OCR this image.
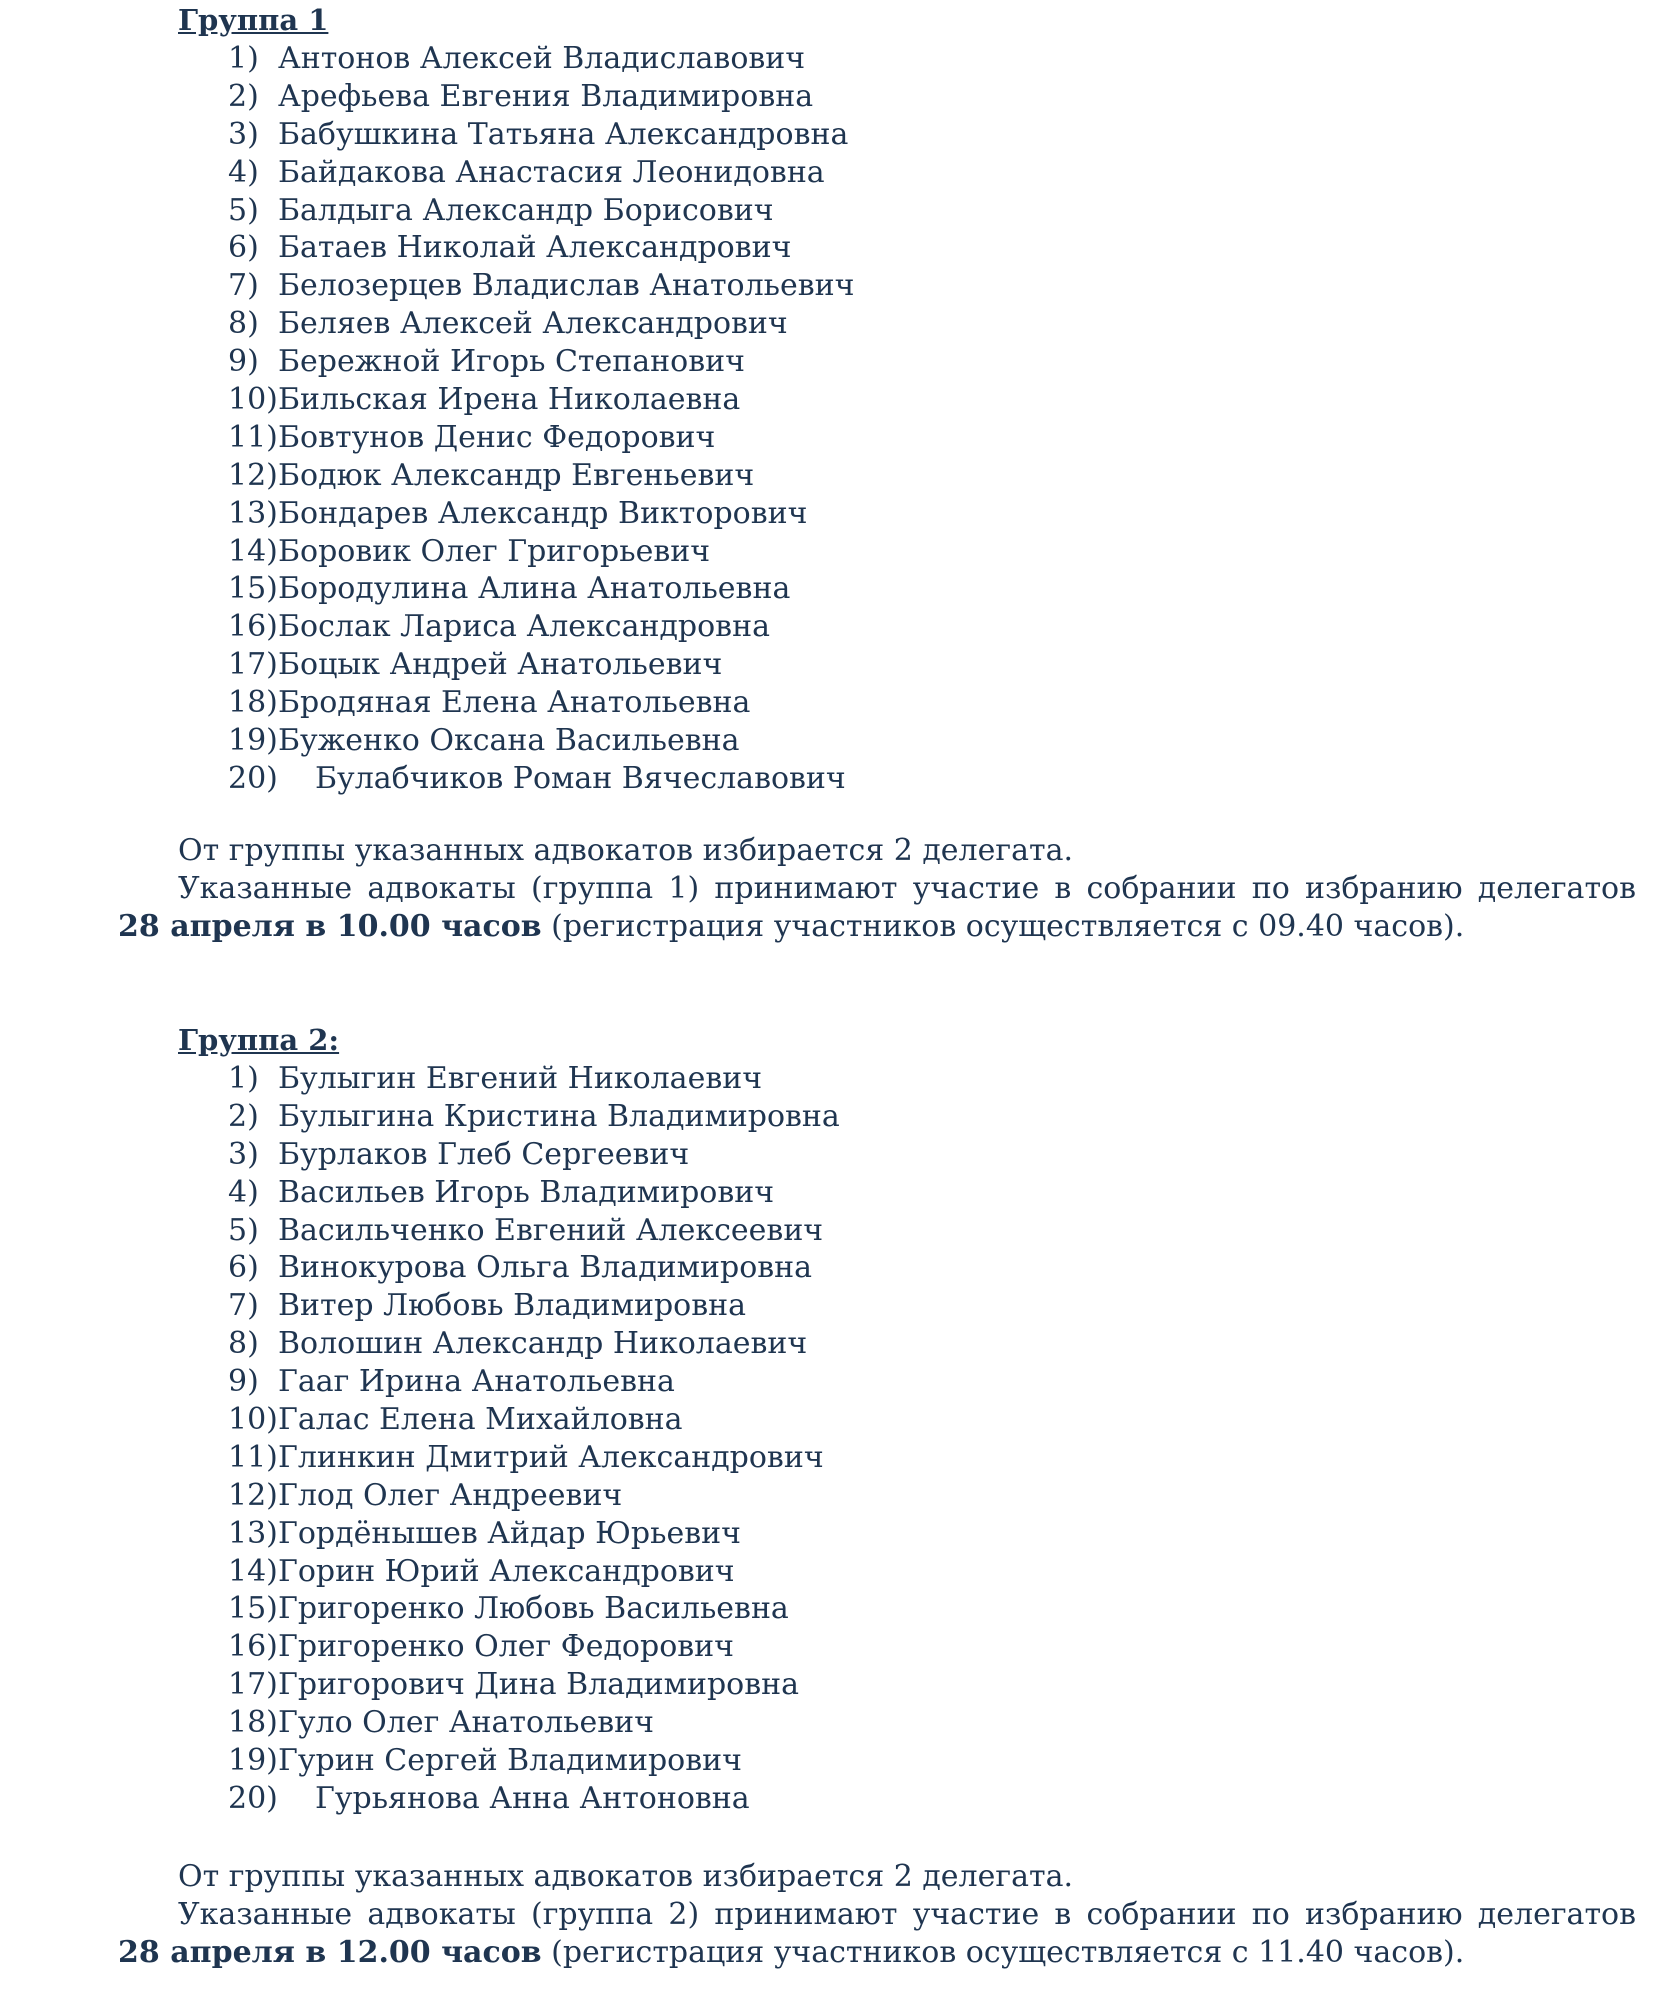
Группа 1
1) Антонов Алексей Владиславович
2) Арефьева Евгения Владимировна
3) Бабушкина Татьяна Александровна
4) Байдакова Анастасия Леонидовна
5) Балдыга Александр Борисович
6) Батаев Николай Александрович
7) Белозерцев Владислав Анатольевич
8) Беляев Алексей Александрович
9) Бережной Игорь Степанович
10) Бильская Ирена Николаевна
11) Бовтунов Денис Федорович
12) Бодюк Александр Евгеньевич
13) Бондарев Александр Викторович
14) Боровик Олег Григорьевич
15) Бородулина Алина Анатольевна
16) Бослак Лариса Александровна
17) Боцык Андрей Анатольевич
18) Бродяная Елена Анатольевна
19) Буженко Оксана Васильевна
20) Булабчиков Роман Вячеславович
От группы указанных адвокатов избирается 2 делегата.
Указанные адвокаты (группа 1) принимают участие в собрании по избранию делегатов
28 апреля в 10.00 часов (регистрация участников осуществляется с 09.40 часов).
Группа 2:
1) Булыгин Евгений Николаевич
2) Булыгина Кристина Владимировна
3) Бурлаков Глеб Сергеевич
4) Васильев Игорь Владимирович
5) Васильченко Евгений Алексеевич
6) Винокурова Ольга Владимировна
7) Витер Любовь Владимировна
8) Волошин Александр Николаевич
9) Гааг Ирина Анатольевна
10) Галас Елена Михайловна
11) Глинкин Дмитрий Александрович
12) Глод Олег Андреевич
13) Гордёнышев Айдар Юрьевич
14) Горин Юрий Александрович
15) Григоренко Любовь Васильевна
16) Григоренко Олег Федорович
17) Григорович Дина Владимировна
18) Гуло Олег Анатольевич
19) Гурин Сергей Владимирович
20) Гурьянова Анна Антоновна
От группы указанных адвокатов избирается 2 делегата.
Указанные адвокаты (группа 2) принимают участие в собрании по избранию делегатов
28 апреля в 12.00 часов (регистрация участников осуществляется с 11.40 часов).
